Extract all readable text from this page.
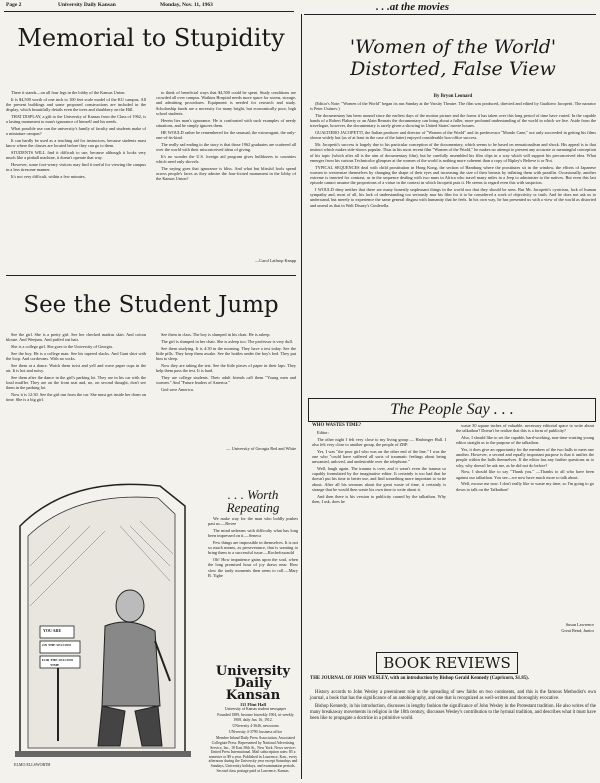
Page 2	University Daily Kansan	Monday, Nov. 11, 1963	. . .at the movies
Memorial to Stupidity

There it stands—on all four legs in the lobby of the Kansas Union.

It is $4,500 worth of one inch to 100 feet scale model of the KU campus. All the present buildings and some proposed constructions are included in the display, which beautifully details even the trees and shrubbery on the Hill.

THAT DISPLAY, a gift to the University of Kansas from the Class of 1962, is a lasting monument to man's ignorance of himself and his needs.

What possible use can the university's family of faculty and students make of a miniature campus?

It can hardly be used as a teaching aid for instructors, because students must know where the classes are located before they can go to them.

STUDENTS WILL find it difficult to use, because although it looks very much like a pinball machine, it doesn't operate that way.

However, some foot-weary visitors may find it useful for viewing the campus in a less tiresome manner.

It's not very difficult, within a few minutes,

to think of beneficial ways that $4,500 could be spent. Study conditions are crowded all over campus. Watkins Hospital needs more space for rooms, storage, and admitting procedures. Equipment is needed for research and study. Scholarship funds are a necessity for many bright, but economically poor, high school students.

Herein lies man's ignorance. He is confronted with such examples of needy situations, and he simply ignores them.

HE WOULD rather be remembered for the unusual, the extravagant, the only-one-of-its-kind.

The really sad ending to the story is that those 1962 graduates are scattered all over the world with their misconceived ideas of giving.

It's no wonder the U.S. foreign aid program gives bulldozers to countries which need only shovels.

The saying goes that ignorance is bliss. And what but blissful fools spend across people's faces as they admire the four-footed monument in the lobby of the Kansas Union?

—Carol Lathrop Knapp
See the Student Jump

See the girl. She is a pretty girl. See her checked madras skirt. And cotton blouse. And Weejuns. And puffed out hair.

She is a college girl. She goes to the University of Georgia.

See the boy. He is a college man. See his tapered slacks. And Gant shirt with the loop. And cordovans. With no socks.

See them at a dance. Watch them twist and yell and wave paper cups in the air. It is hot and noisy.

See them after the dance in the girl's parking lot. They are in his car with the loud muffler. They are on the front seat and, no, on second thought, don't see them in the parking lot.

Now it is 12:30. See the girl run from the car. She must get inside her dorm on time. She is a big girl.

See them in class. The boy is slumped in his chair. He is asleep.

The girl is slumped in her chair. She is asleep too. The professor is very dull.

See them studying. It is 4:30 in the morning. They have a test today. See the little pills. They keep them awake. See the bottles under the boy's bed. They put him to sleep.

Now they are taking the test. See the little pieces of paper in their laps. They help them pass the test. It is hard.

They are college students. Their adult friends call them "Young men and women." And "Future leaders of America."

God save America.

— University of Georgia Red and White
YOU ARE
ON THE SECOND
FOR THE SECOND
TIME
ELMO ELLSWORTH
. . . Worth Repeating

We make way for the man who boldly pushes past us.—Bovee

The mind unlearns with difficulty what has long been impressed on it.—Seneca

Few things are impossible in themselves. It is not so much means, as perseverance, that is wanting to bring them to a successful issue.—Rochefoucauld

Oh! How impatience gains upon the soul, when the long promised hour of joy draws near. How slow the tardy moments then seem to roll.—Mary B. Tighe

University Daily Kansan
111 Flint Hall

University of Kansas student newspaper

Founded 1889, become biweekly 1904, tri-weekly 1908, daily Jan. 16, 1912.

UNiversity 4-3646, newsroom

UNiversity 4-3799, business office

Member Inland Daily Press Association, Associated Collegiate Press. Represented by National Advertising Service, Inc., 18 East 50th St., New York. News service: United Press International. Mail subscription rates: $5 a semester or $9 a year. Published in Lawrence, Kan., every afternoon during the University year except Saturdays and Sundays, University holidays, and examination periods. Second class postage paid at Lawrence, Kansas.

'Women of the World' Distorted, False View
By Bryon Leonard

(Editor's Note: "Women of the World" began its run Sunday at the Varsity Theatre. The film was produced, directed and edited by Gualtiero Jacopetti. The narrator is Peter Ustinov.)

The documentary has been around since the earliest days of the motion picture and the forms it has taken over this long period of time have varied. In the capable hands of a Robert Flaherty or an Alain Resnais the documentary can bring about a fuller, more profound understanding of the world in which we live. Aside from the travelogue, however, the documentary is rarely given a showing in United States' movie houses.

GUALTIERO JACOPETTI, the Italian producer and director of "Women of the World" and its predecessor "Mondo Cane," not only succeeded in getting his films shown widely but (as of at least in the case of the latter) enjoyed considerable box-office success.

Mr. Jacopetti's success is largely due to his particular conception of the documentary, which seems to be based on sensationalism and shock. His appeal is to that instinct which makes side-shows popular. Thus in his most recent film "Women of the World," he makes no attempt to present any accurate or meaningful conception of his topic (which after all is the aim of documentary film), but he carefully assembled his film clips in a way which will support his preconceived idea. What emerges from his various Technicolor glimpses at the women of the world is nothing more coherent than a copy of Ripley's Believe it or Not.

TYPICAL SEQUENCES deal with child prostitution in Hong Kong, the section of Hamburg where the prostitutes sit in the window, the efforts of Japanese women to westernize themselves by changing the shape of their eyes and increasing the size of their breasts by inflating them with paraffin. Occasionally, another extreme is inserted for contrast, as in the sequence dealing with two nuns in Africa who travel many miles in a Jeep to administer to the natives. But even this last episode cannot assume the proportions of a virtue in the context in which Jacopetti puts it. He seems to regard even this with suspicion.

I WOULD deny neither that there are many honestly unpleasant things in the world nor that they should be seen. But Mr. Jacopetti's cynicism, lack of human sympathy and, most of all, his lack of understanding too seriously mar his film for it to be considered a work of objectivity or truth. And he does not ask us to understand, but merely to experience the same general disgust with humanity that he feels. In his own way, he has presented us with a view of the world as distorted and unreal as that in Walt Disney's Cinderella.

The People Say . . .
WHO WASTES TIME?

Editor:

The other night I felt very close to my living group — Hashinger Hall. I also felt very close to another group, the people of ZBP.

Yes, I was "the poor girl who was on the other end of the line." I was the one who "could have suffered all sorts of traumatic feelings about being unwanted, unloved, and undesirable over the telephone."

Well, laugh again. The trauma is over, and it wasn't even the trauma so capably formulated by the imaginative editor. It certainly is too bad that he doesn't put his time to better use, and find something more important to write about. After all his sermons about the great waste of time, it certainly is strange that he would then waste his own time to write about it.

And then there is his version to publicity caused by the talkathon. Why then, I ask, does he

waste 30 square inches of valuable, necessary editorial space to write about the talkathon? Doesn't he realize that this is a form of publicity?

Also, I should like to set the capable, hard-working, non-time-wasting young editor straight as to the purpose of the talkathon.

Yes, it does give an opportunity for the members of the two halls to meet one another. However, a second and equally important purpose is that it unifies the people within the halls themselves. If the editor has any further questions as to why, why doesn't he ask me, as he did not do before?

Now, I should like to say "Thank you." —Thanks to all who have been against our talkathon. You see—we now have much more to talk about.

Well, excuse me now. I don't really like to waste my time, so I'm going to go down to talk on the Talkathon!

Susan Lawrence
Great Bend, Junior
BOOK REVIEWS
THE JOURNAL OF JOHN WESLEY, with an introduction by Bishop Gerald Kennedy (Capricorn, $1.85).

History accords to John Wesley a preeminent role in the spreading of new faiths on two continents, and this is the famous Methodist's own journal, a book that has the significance of an autobiography, and one that is recognized as well-written and thoroughly evocative.

Bishop Kennedy, in his introduction, discusses in lengthy fashion the significance of John Wesley in the Protestant tradition. He also writes of the many breakaway movements in religion in the 18th century, discusses Wesley's contribution to the hymnal tradition, and describes what it must have been like to propagate a doctrine in a primitive world.
